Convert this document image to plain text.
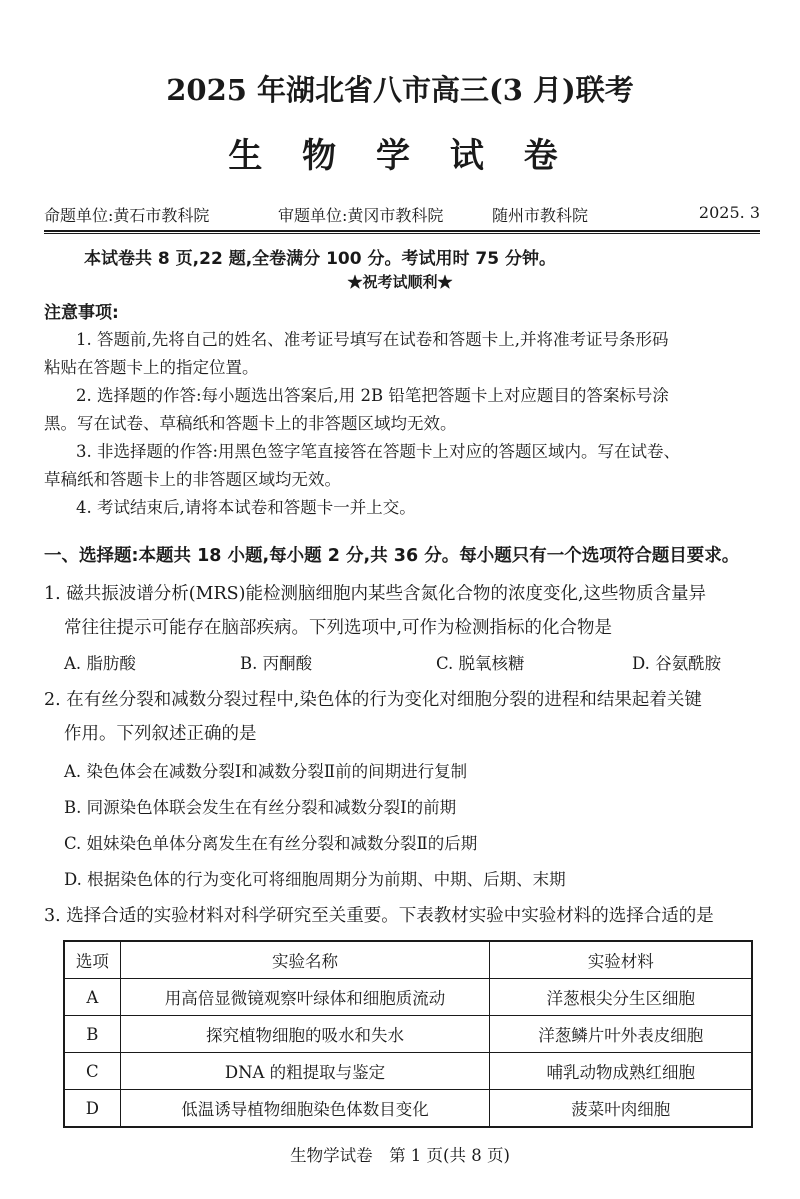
2025 年湖北省八市高三(3 月)联考
生 物 学 试 卷
命题单位:黄石市教科院	审题单位:黄冈市教科院	随州市教科院	2025. 3
本试卷共 8 页,22 题,全卷满分 100 分。考试用时 75 分钟。
★祝考试顺利★
注意事项:
1. 答题前,先将自己的姓名、准考证号填写在试卷和答题卡上,并将准考证号条形码
粘贴在答题卡上的指定位置。
2. 选择题的作答:每小题选出答案后,用 2B 铅笔把答题卡上对应题目的答案标号涂
黑。写在试卷、草稿纸和答题卡上的非答题区域均无效。
3. 非选择题的作答:用黑色签字笔直接答在答题卡上对应的答题区域内。写在试卷、
草稿纸和答题卡上的非答题区域均无效。
4. 考试结束后,请将本试卷和答题卡一并上交。
一、选择题:本题共 18 小题,每小题 2 分,共 36 分。每小题只有一个选项符合题目要求。
1. 磁共振波谱分析(MRS)能检测脑细胞内某些含氮化合物的浓度变化,这些物质含量异
常往往提示可能存在脑部疾病。下列选项中,可作为检测指标的化合物是
A. 脂肪酸	B. 丙酮酸	C. 脱氧核糖	D. 谷氨酰胺
2. 在有丝分裂和减数分裂过程中,染色体的行为变化对细胞分裂的进程和结果起着关键
作用。下列叙述正确的是
A. 染色体会在减数分裂Ⅰ和减数分裂Ⅱ前的间期进行复制
B. 同源染色体联会发生在有丝分裂和减数分裂Ⅰ的前期
C. 姐妹染色单体分离发生在有丝分裂和减数分裂Ⅱ的后期
D. 根据染色体的行为变化可将细胞周期分为前期、中期、后期、末期
3. 选择合适的实验材料对科学研究至关重要。下表教材实验中实验材料的选择合适的是
选项	实验名称	实验材料
A	用高倍显微镜观察叶绿体和细胞质流动	洋葱根尖分生区细胞
B	探究植物细胞的吸水和失水	洋葱鳞片叶外表皮细胞
C	DNA 的粗提取与鉴定	哺乳动物成熟红细胞
D	低温诱导植物细胞染色体数目变化	菠菜叶肉细胞
生物学试卷　第 1 页(共 8 页)
